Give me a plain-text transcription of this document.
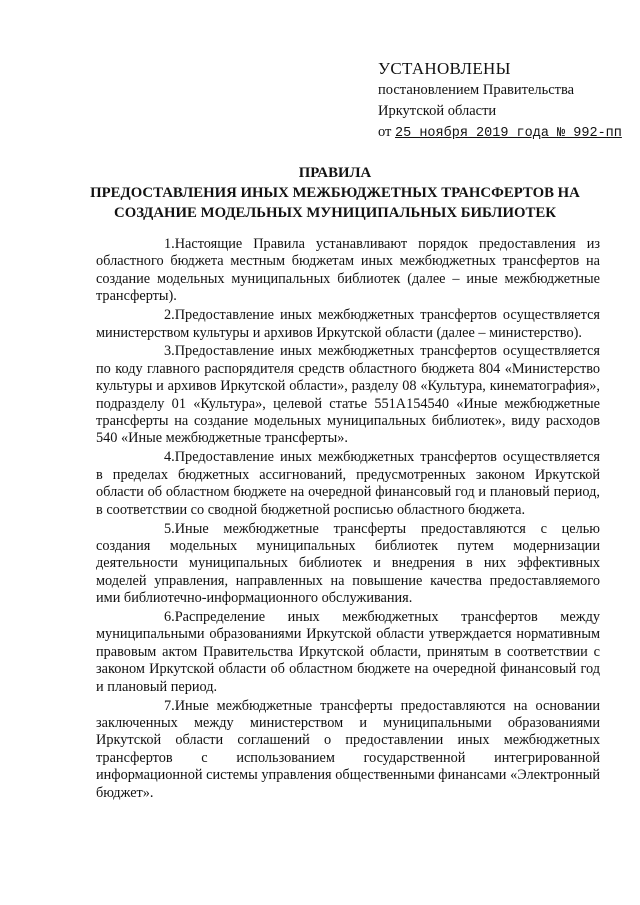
УСТАНОВЛЕНЫ
постановлением Правительства
Иркутской области
от 25 ноября 2019 года № 992-пп
ПРАВИЛА
ПРЕДОСТАВЛЕНИЯ ИНЫХ МЕЖБЮДЖЕТНЫХ ТРАНСФЕРТОВ НА
СОЗДАНИЕ МОДЕЛЬНЫХ МУНИЦИПАЛЬНЫХ БИБЛИОТЕК

1.Настоящие Правила устанавливают порядок предоставления из областного бюджета местным бюджетам иных межбюджетных трансфертов на создание модельных муниципальных библиотек (далее – иные межбюджетные трансферты).

2.Предоставление иных межбюджетных трансфертов осуществляется министерством культуры и архивов Иркутской области (далее – министерство).

3.Предоставление иных межбюджетных трансфертов осуществляется по коду главного распорядителя средств областного бюджета 804 «Министерство культуры и архивов Иркутской области», разделу 08 «Культура, кинематография», подразделу 01 «Культура», целевой статье 551A154540 «Иные межбюджетные трансферты на создание модельных муниципальных библиотек», виду расходов 540 «Иные межбюджетные трансферты».

4.Предоставление иных межбюджетных трансфертов осуществляется в пределах бюджетных ассигнований, предусмотренных законом Иркутской области об областном бюджете на очередной финансовый год и плановый период, в соответствии со сводной бюджетной росписью областного бюджета.

5.Иные межбюджетные трансферты предоставляются с целью создания модельных муниципальных библиотек путем модернизации деятельности муниципальных библиотек и внедрения в них эффективных моделей управления, направленных на повышение качества предоставляемого ими библиотечно-информационного обслуживания.

6.Распределение иных межбюджетных трансфертов между муниципальными образованиями Иркутской области утверждается нормативным правовым актом Правительства Иркутской области, принятым в соответствии с законом Иркутской области об областном бюджете на очередной финансовый год и плановый период.

7.Иные межбюджетные трансферты предоставляются на основании заключенных между министерством и муниципальными образованиями Иркутской области соглашений о предоставлении иных межбюджетных трансфертов с использованием государственной интегрированной информационной системы управления общественными финансами «Электронный бюджет».
